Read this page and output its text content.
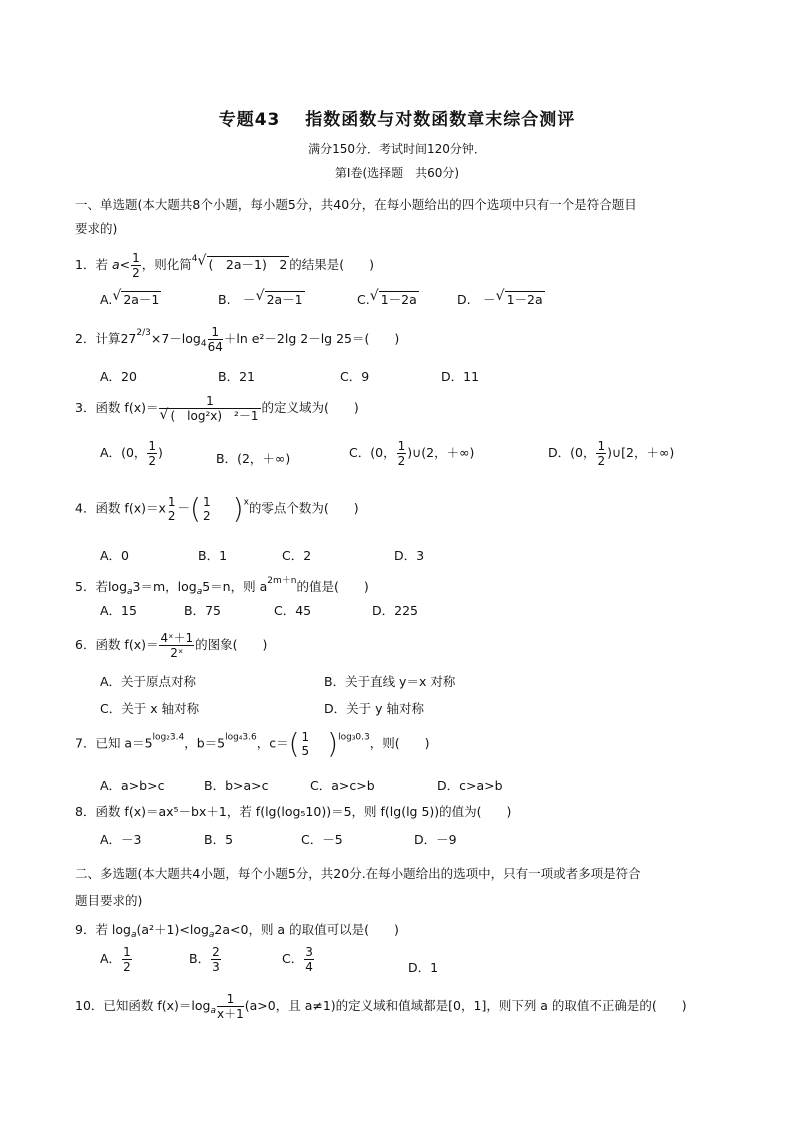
专题43　 指数函数与对数函数章末综合测评
满分150分．考试时间120分钟．
第Ⅰ卷(选择题　共60分)
一、单选题(本大题共8个小题，每小题5分，共40分，在每小题给出的四个选项中只有一个是符合题目
要求的)
1．若 $a< \frac{1}{2}$ ，则化简$^4$ √ (　2a－1)　2 的结果是(　　)
A. √ 2a－1	B.　－ √ 2a－1	C. √ 1－2a	D.　－ √ 1－2a
2．计算$27^{2/3}\times 7-\log_4 \frac{1}{64} +\ln$ e²－2lg 2－lg 25＝(　　)
A．20	B．21	C．9	D．11
3．函数 $f(x)= \frac{1}{\text{√ (　log²x)　²－1}}$ 的定义域为(　　)
A．(0， $\frac{1}{2}$ )	B．(2，＋∞)	C．(0， $\frac{1}{2}$ )∪(2，＋∞)	D．(0， $\frac{1}{2}$ )∪[2，＋∞)
4．函数 f(x)＝x 1
2
－( 1
2 )$^x$的零点个数为(　　)
A．0	B．1	C．2	D．3
5．若$\log_a3=m$，$\log_a5=n$，则 $a^{2m+n}$的值是(　　)
A．15	B．75	C．45	D．225
6．函数 $f(x)= \frac{\text{4ˣ＋1}}{\text{2ˣ}}$ 的图象(　　)
A．关于原点对称	B．关于直线 y＝x 对称
C．关于 x 轴对称	D．关于 y 轴对称
7．已知 $a=5^{log_23.4}$，$b=5^{log_43.6}$，c＝( 1
5 )$^{log_30.3}$，则(　　)
A．a>b>c	B．b>a>c	C．a>c>b	D．c>a>b
8．函数 f(x)＝ax⁵－bx＋1，若 f(lg(log₅10))＝5，则 f(lg(lg 5))的值为(　　)
A．－3	B．5	C．－5	D．－9
二、多选题(本大题共4小题，每个小题5分，共20分.在每小题给出的选项中，只有一项或者多项是符合
题目要求的)
9．若 $\log_a(a^2+1)<\log_a2a<0$，则 a 的取值可以是(　　)
A． $\frac{1}{2}$	B． $\frac{2}{3}$	C． $\frac{3}{4}$	D．1
10．已知函数 $f(x)=\log_a \frac{1}{x+1} (a>0$，且 a≠1)的定义域和值域都是[0，1]，则下列 a 的取值不正确是的(　　)
